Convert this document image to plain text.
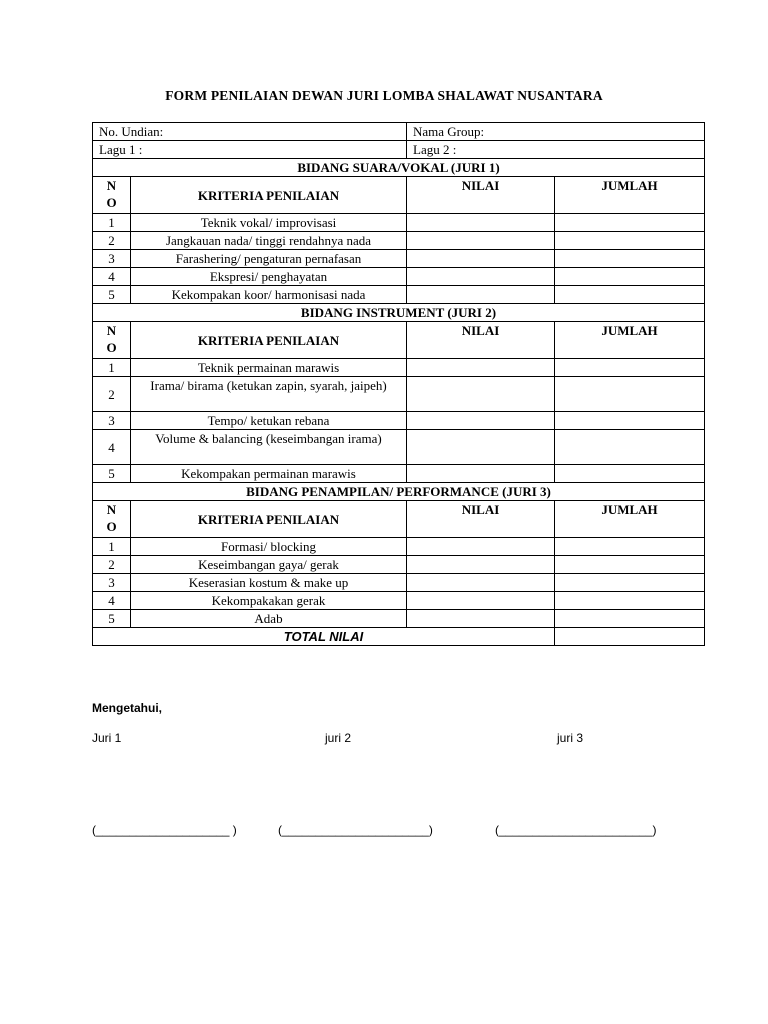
FORM PENILAIAN DEWAN JURI LOMBA SHALAWAT NUSANTARA
No. Undian:		Nama Group:	
Lagu 1 :		Lagu 2 :	
BIDANG SUARA/VOKAL (JURI 1)			
N
O	KRITERIA PENILAIAN	NILAI	JUMLAH
1	Teknik vokal/ improvisasi		
2	Jangkauan nada/ tinggi rendahnya nada		
3	Farashering/ pengaturan pernafasan		
4	Ekspresi/ penghayatan		
5	Kekompakan koor/ harmonisasi nada		
BIDANG INSTRUMENT (JURI 2)			
N
O	KRITERIA PENILAIAN	NILAI	JUMLAH
1	Teknik permainan marawis		
2	Irama/ birama (ketukan zapin, syarah, jaipeh)		
3	Tempo/ ketukan rebana		
4	Volume & balancing (keseimbangan irama)		
5	Kekompakan permainan marawis		
BIDANG PENAMPILAN/ PERFORMANCE (JURI 3)			
N
O	KRITERIA PENILAIAN	NILAI	JUMLAH
1	Formasi/ blocking		
2	Keseimbangan gaya/ gerak		
3	Keserasian kostum & make up		
4	Kekompakakan gerak		
5	Adab		
TOTAL NILAI			
Mengetahui,
Juri 1	juri 2	juri 3
(____________________ )	(______________________)	(_______________________)
